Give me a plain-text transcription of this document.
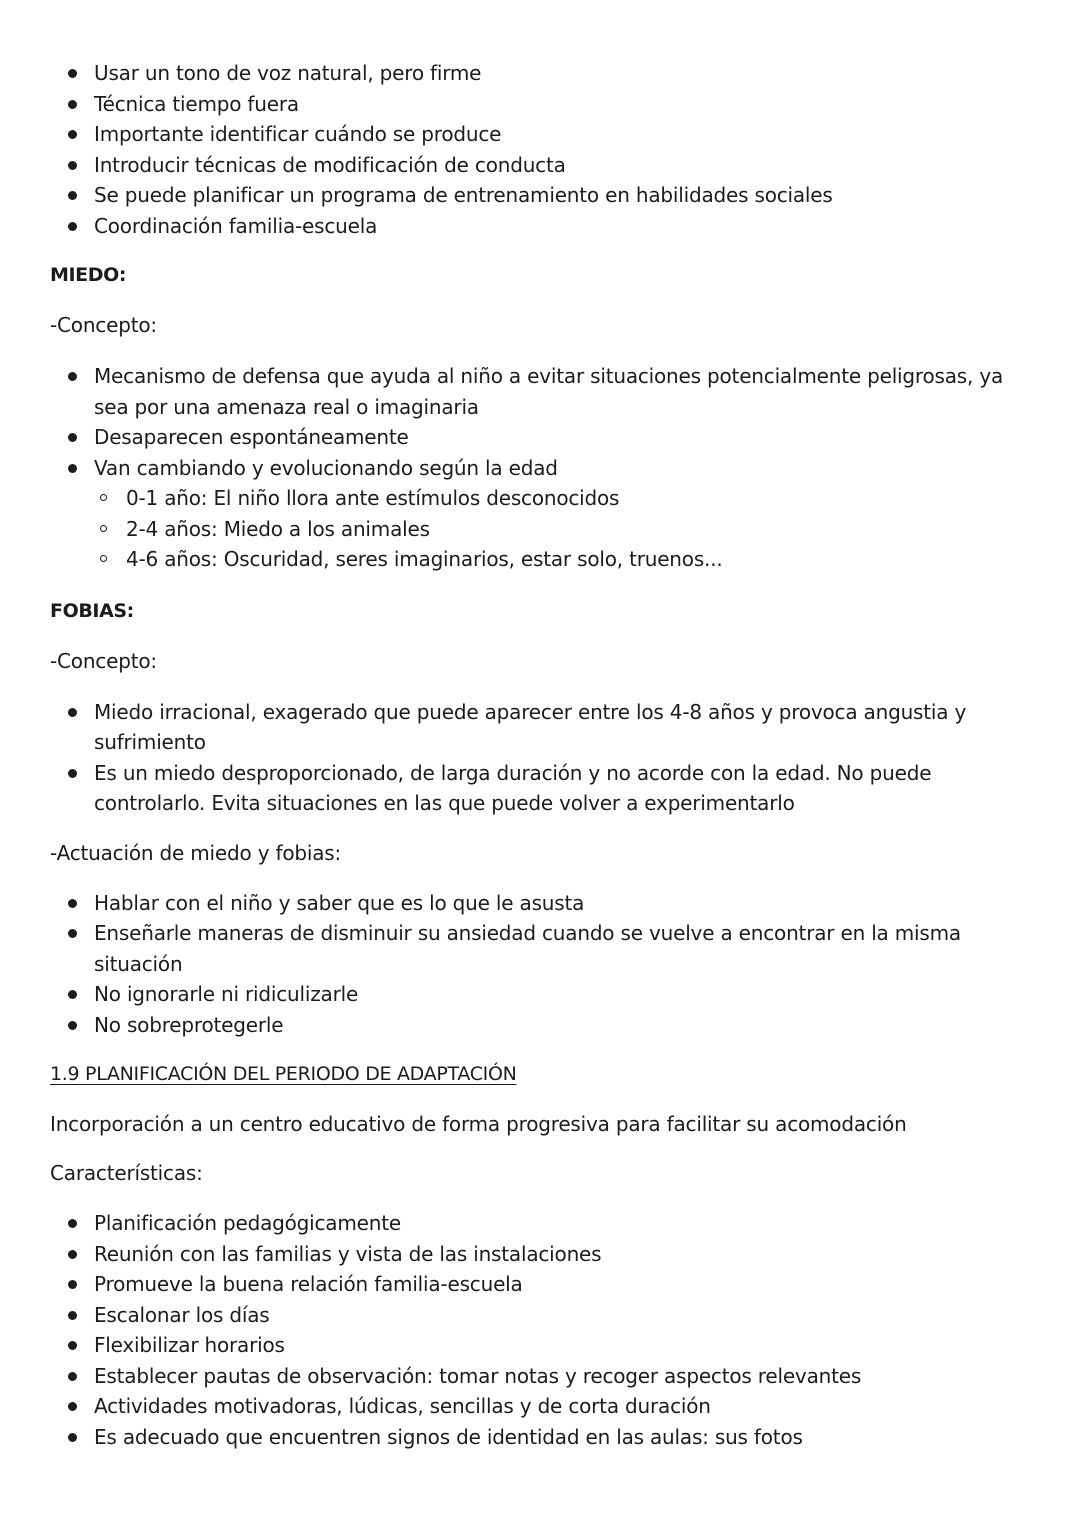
Usar un tono de voz natural, pero firme
Técnica tiempo fuera
Importante identificar cuándo se produce
Introducir técnicas de modificación de conducta
Se puede planificar un programa de entrenamiento en habilidades sociales
Coordinación familia-escuela

MIEDO:

-Concepto:

Mecanismo de defensa que ayuda al niño a evitar situaciones potencialmente peligrosas, ya sea por una amenaza real o imaginaria
Desaparecen espontáneamente
Van cambiando y evolucionando según la edad
0-1 año: El niño llora ante estímulos desconocidos
2-4 años: Miedo a los animales
4-6 años: Oscuridad, seres imaginarios, estar solo, truenos...

FOBIAS:

-Concepto:

Miedo irracional, exagerado que puede aparecer entre los 4-8 años y provoca angustia y sufrimiento
Es un miedo desproporcionado, de larga duración y no acorde con la edad. No puede controlarlo. Evita situaciones en las que puede volver a experimentarlo

-Actuación de miedo y fobias:

Hablar con el niño y saber que es lo que le asusta
Enseñarle maneras de disminuir su ansiedad cuando se vuelve a encontrar en la misma situación
No ignorarle ni ridiculizarle
No sobreprotegerle

1.9 PLANIFICACIÓN DEL PERIODO DE ADAPTACIÓN

Incorporación a un centro educativo de forma progresiva para facilitar su acomodación

Características:

Planificación pedagógicamente
Reunión con las familias y vista de las instalaciones
Promueve la buena relación familia-escuela
Escalonar los días
Flexibilizar horarios
Establecer pautas de observación: tomar notas y recoger aspectos relevantes
Actividades motivadoras, lúdicas, sencillas y de corta duración
Es adecuado que encuentren signos de identidad en las aulas: sus fotos
